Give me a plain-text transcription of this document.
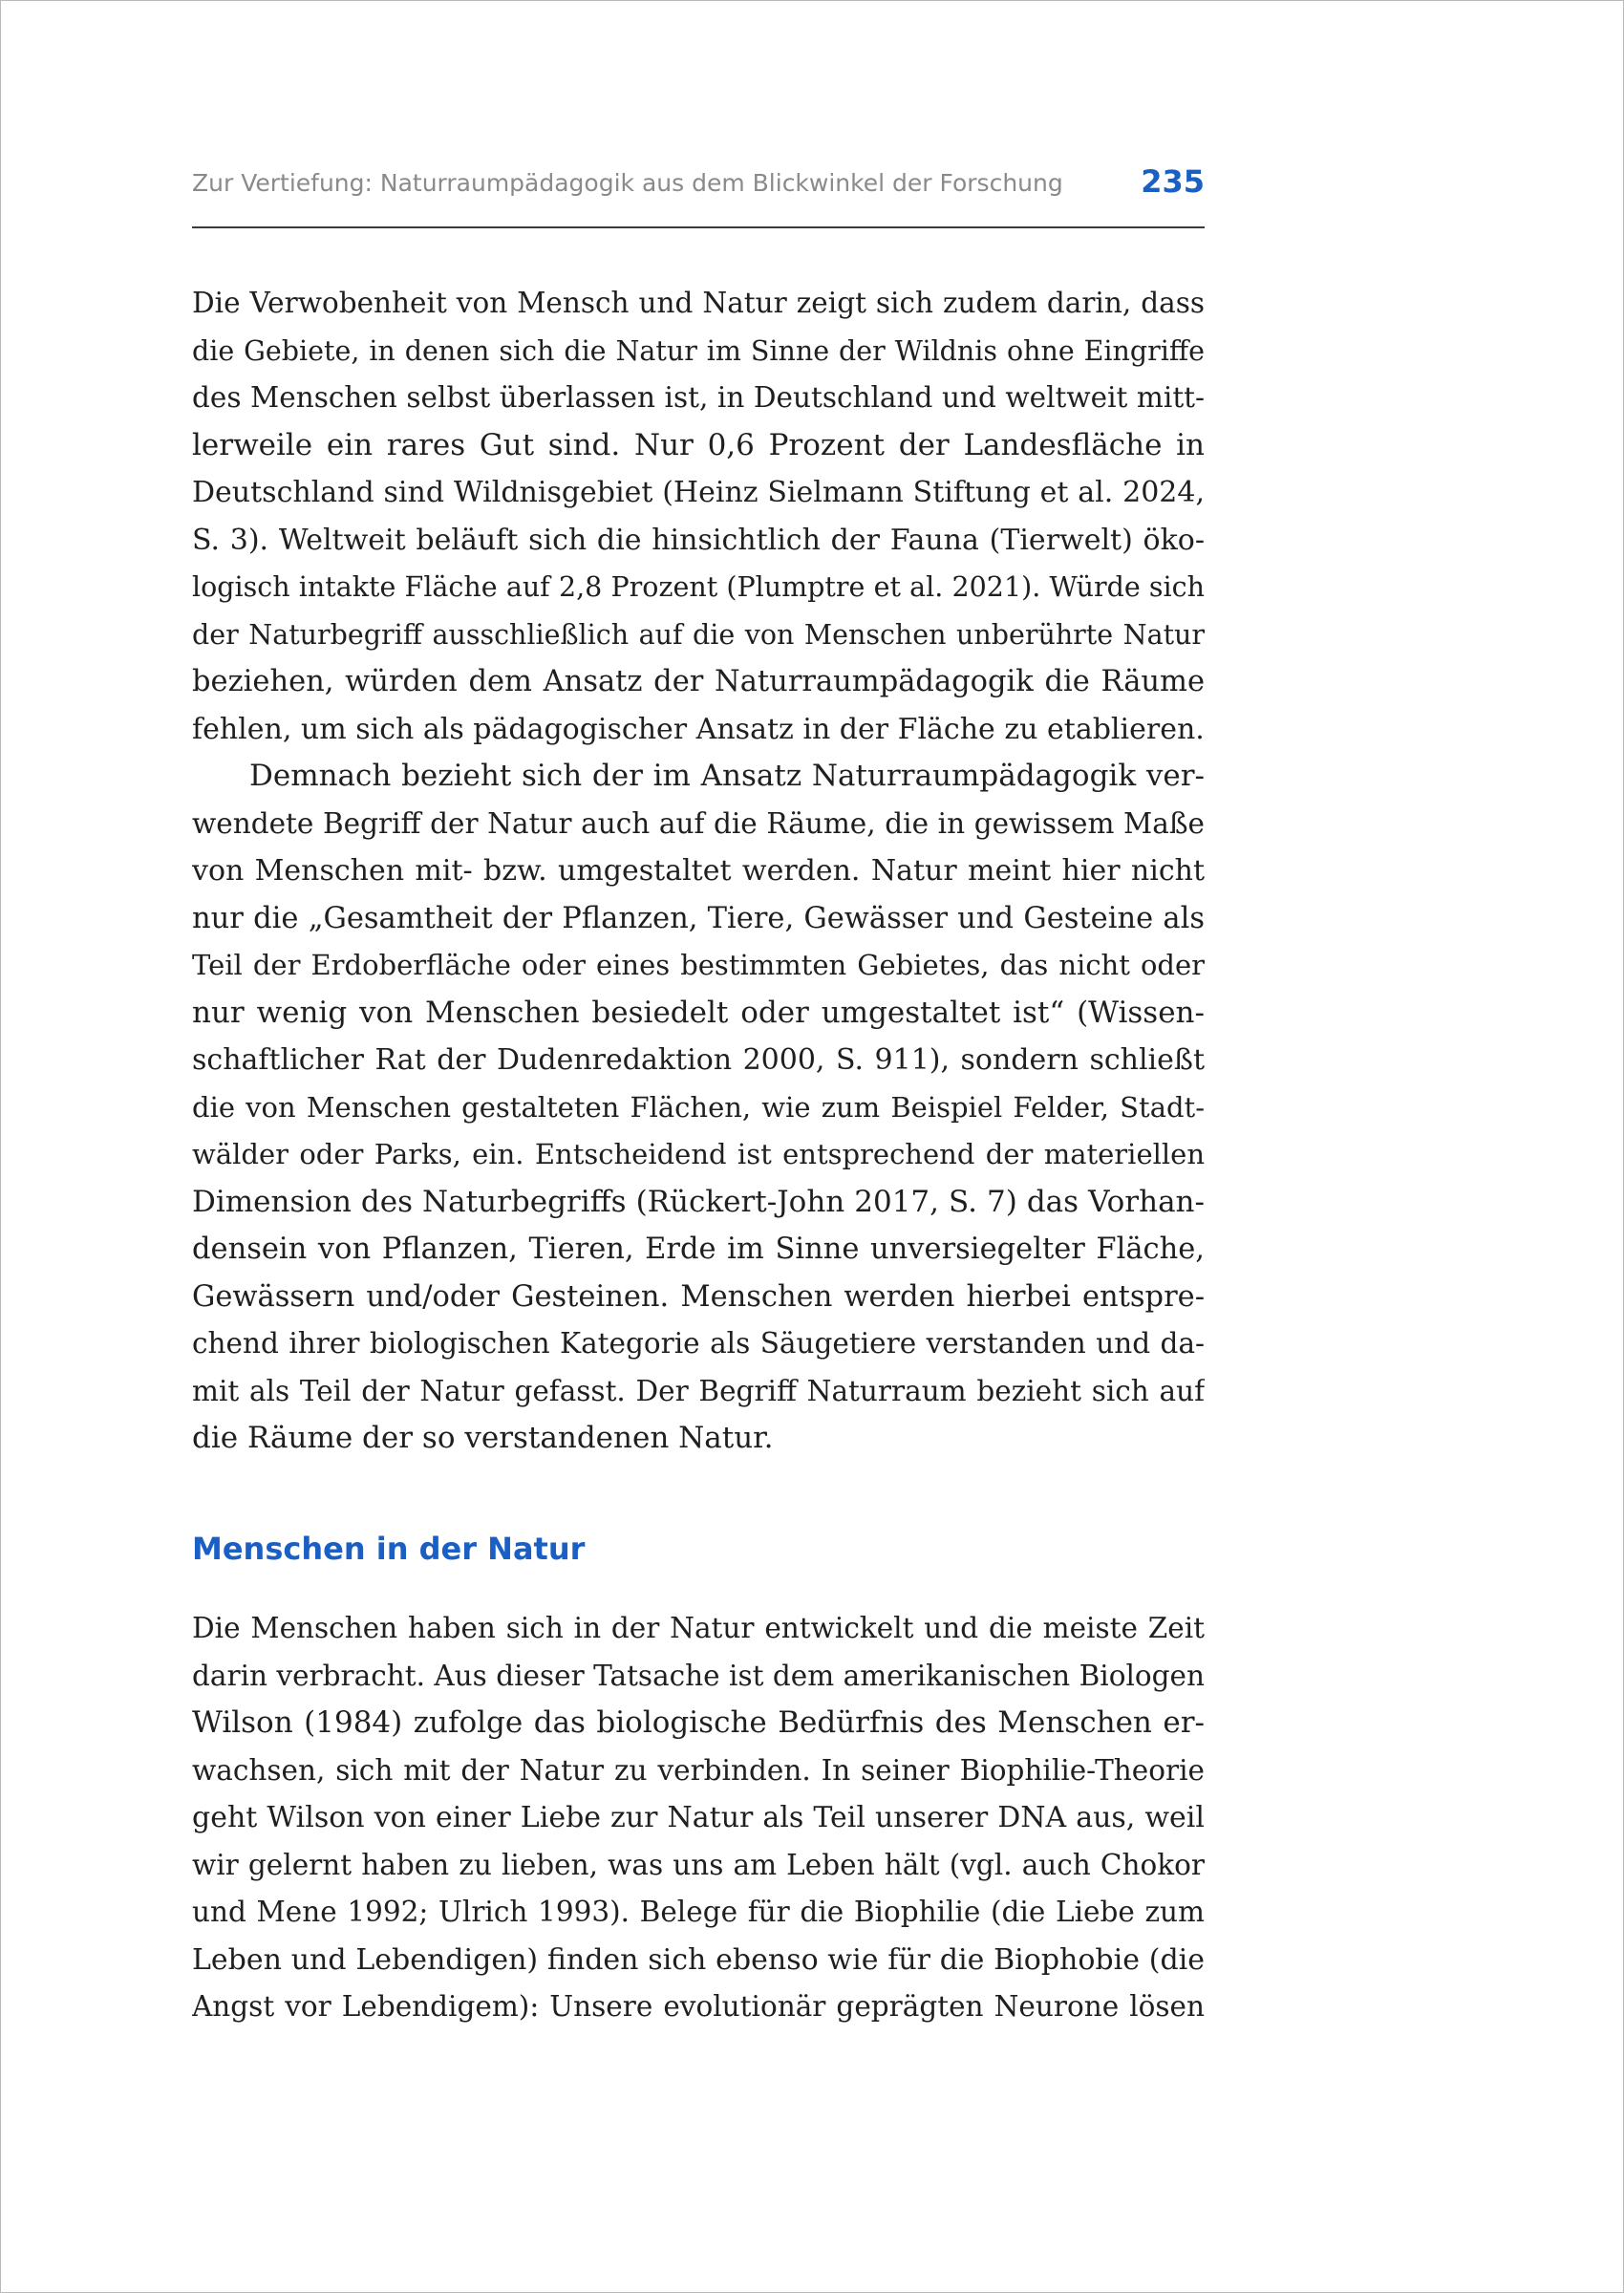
Zur Vertiefung: Naturraumpädagogik aus dem Blickwinkel der Forschung	235
Die Verwobenheit von Mensch und Natur zeigt sich zudem darin, dass
die Gebiete, in denen sich die Natur im Sinne der Wildnis ohne Eingriffe
des Menschen selbst überlassen ist, in Deutschland und weltweit mitt-
lerweile ein rares Gut sind. Nur 0,6 Prozent der Landesfläche in
Deutschland sind Wildnisgebiet (Heinz Sielmann Stiftung et al. 2024,
S. 3). Weltweit beläuft sich die hinsichtlich der Fauna (Tierwelt) öko-
logisch intakte Fläche auf 2,8 Prozent (Plumptre et al. 2021). Würde sich
der Naturbegriff ausschließlich auf die von Menschen unberührte Natur
beziehen, würden dem Ansatz der Naturraumpädagogik die Räume
fehlen, um sich als pädagogischer Ansatz in der Fläche zu etablieren.
Demnach bezieht sich der im Ansatz Naturraumpädagogik ver-
wendete Begriff der Natur auch auf die Räume, die in gewissem Maße
von Menschen mit- bzw. umgestaltet werden. Natur meint hier nicht
nur die „Gesamtheit der Pflanzen, Tiere, Gewässer und Gesteine als
Teil der Erdoberfläche oder eines bestimmten Gebietes, das nicht oder
nur wenig von Menschen besiedelt oder umgestaltet ist“ (Wissen-
schaftlicher Rat der Dudenredaktion 2000, S. 911), sondern schließt
die von Menschen gestalteten Flächen, wie zum Beispiel Felder, Stadt-
wälder oder Parks, ein. Entscheidend ist entsprechend der materiellen
Dimension des Naturbegriffs (Rückert-John 2017, S. 7) das Vorhan-
densein von Pflanzen, Tieren, Erde im Sinne unversiegelter Fläche,
Gewässern und/oder Gesteinen. Menschen werden hierbei entspre-
chend ihrer biologischen Kategorie als Säugetiere verstanden und da-
mit als Teil der Natur gefasst. Der Begriff Naturraum bezieht sich auf
die Räume der so verstandenen Natur.
Menschen in der Natur
Die Menschen haben sich in der Natur entwickelt und die meiste Zeit
darin verbracht. Aus dieser Tatsache ist dem amerikanischen Biologen
Wilson (1984) zufolge das biologische Bedürfnis des Menschen er-
wachsen, sich mit der Natur zu verbinden. In seiner Biophilie-Theorie
geht Wilson von einer Liebe zur Natur als Teil unserer DNA aus, weil
wir gelernt haben zu lieben, was uns am Leben hält (vgl. auch Chokor
und Mene 1992; Ulrich 1993). Belege für die Biophilie (die Liebe zum
Leben und Lebendigen) finden sich ebenso wie für die Biophobie (die
Angst vor Lebendigem): Unsere evolutionär geprägten Neurone lösen
